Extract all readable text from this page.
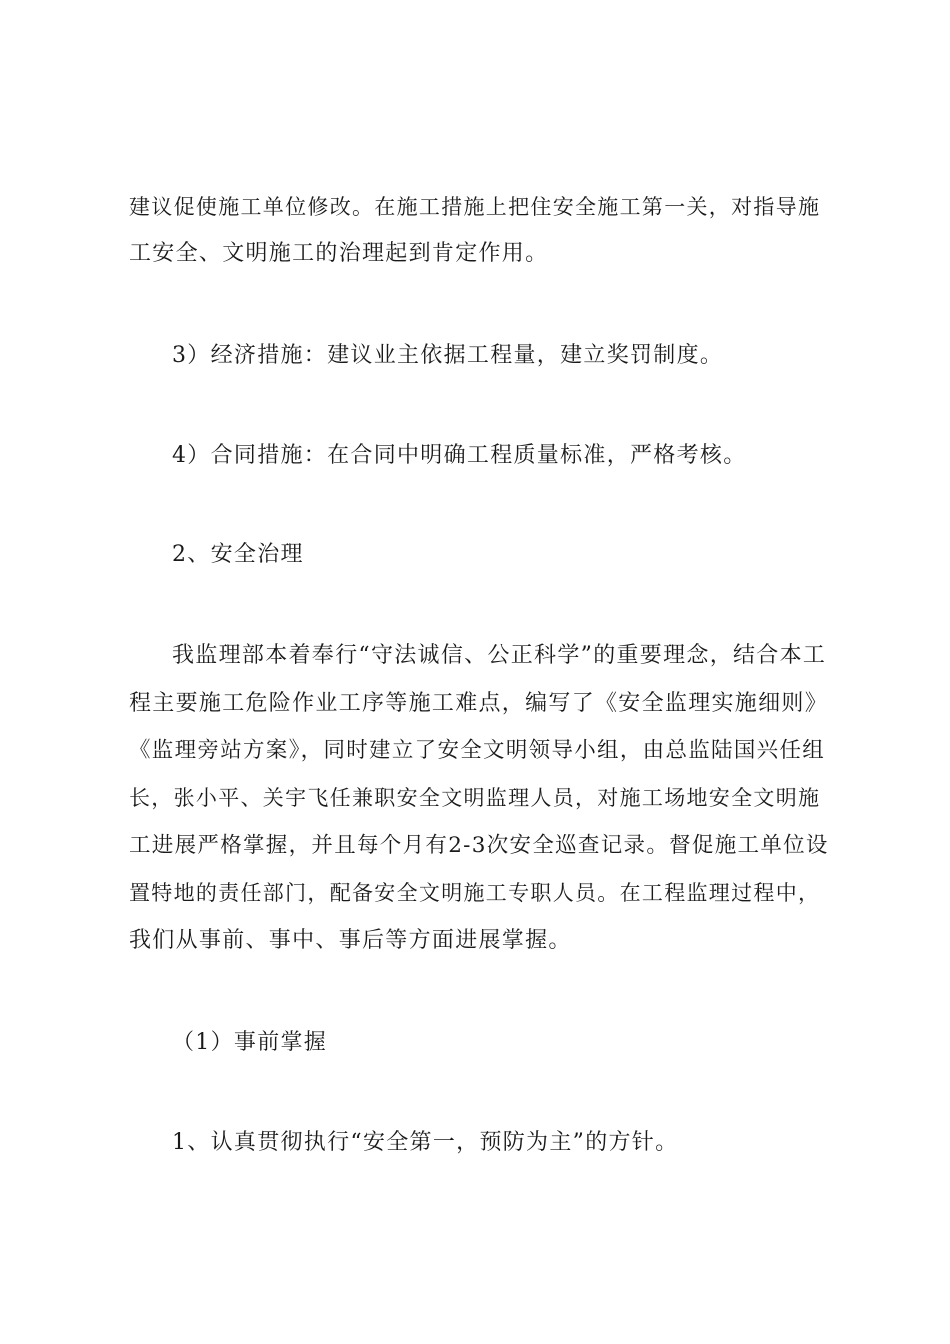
建议促使施工单位修改。在施工措施上把住安全施工第一关，对指导施
工安全、文明施工的治理起到肯定作用。
3）经济措施：建议业主依据工程量，建立奖罚制度。
4）合同措施：在合同中明确工程质量标准，严格考核。
2、安全治理
我监理部本着奉行“守法诚信、公正科学”的重要理念，结合本工
程主要施工危险作业工序等施工难点，编写了《安全监理实施细则》
《监理旁站方案》，同时建立了安全文明领导小组，由总监陆国兴任组
长，张小平、关宇飞任兼职安全文明监理人员，对施工场地安全文明施
工进展严格掌握，并且每个月有2-3次安全巡查记录。督促施工单位设
置特地的责任部门，配备安全文明施工专职人员。在工程监理过程中，
我们从事前、事中、事后等方面进展掌握。
（1）事前掌握
1、认真贯彻执行“安全第一，预防为主”的方针。
